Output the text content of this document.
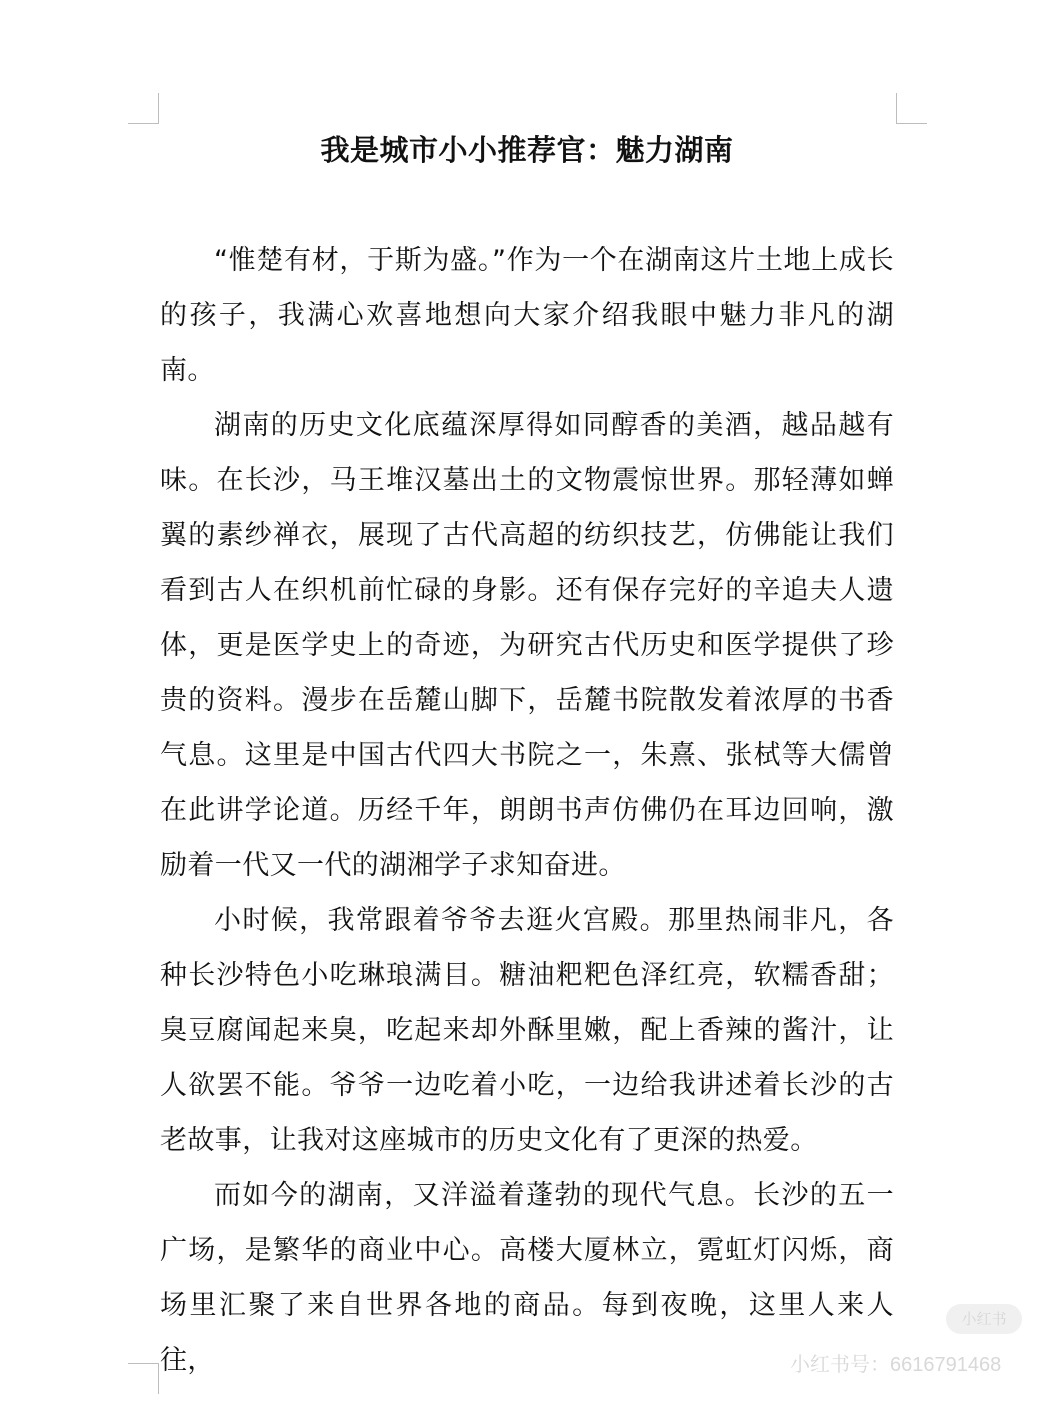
我是城市小小推荐官：魅力湖南

“惟楚有材，于斯为盛。”作为一个在湖南这片土地上成长的孩子，我满心欢喜地想向大家介绍我眼中魅力非凡的湖南。

湖南的历史文化底蕴深厚得如同醇香的美酒，越品越有味。在长沙，马王堆汉墓出土的文物震惊世界。那轻薄如蝉翼的素纱禅衣，展现了古代高超的纺织技艺，仿佛能让我们看到古人在织机前忙碌的身影。还有保存完好的辛追夫人遗体，更是医学史上的奇迹，为研究古代历史和医学提供了珍贵的资料。漫步在岳麓山脚下，岳麓书院散发着浓厚的书香气息。这里是中国古代四大书院之一，朱熹、张栻等大儒曾在此讲学论道。历经千年，朗朗书声仿佛仍在耳边回响，激励着一代又一代的湖湘学子求知奋进。

小时候，我常跟着爷爷去逛火宫殿。那里热闹非凡，各种长沙特色小吃琳琅满目。糖油粑粑色泽红亮，软糯香甜；臭豆腐闻起来臭，吃起来却外酥里嫩，配上香辣的酱汁，让人欲罢不能。爷爷一边吃着小吃，一边给我讲述着长沙的古老故事，让我对这座城市的历史文化有了更深的热爱。

而如今的湖南，又洋溢着蓬勃的现代气息。长沙的五一广场，是繁华的商业中心。高楼大厦林立，霓虹灯闪烁，商场里汇聚了来自世界各地的商品。每到夜晚，这里人来人往，

小红书
小红书号：6616791468
